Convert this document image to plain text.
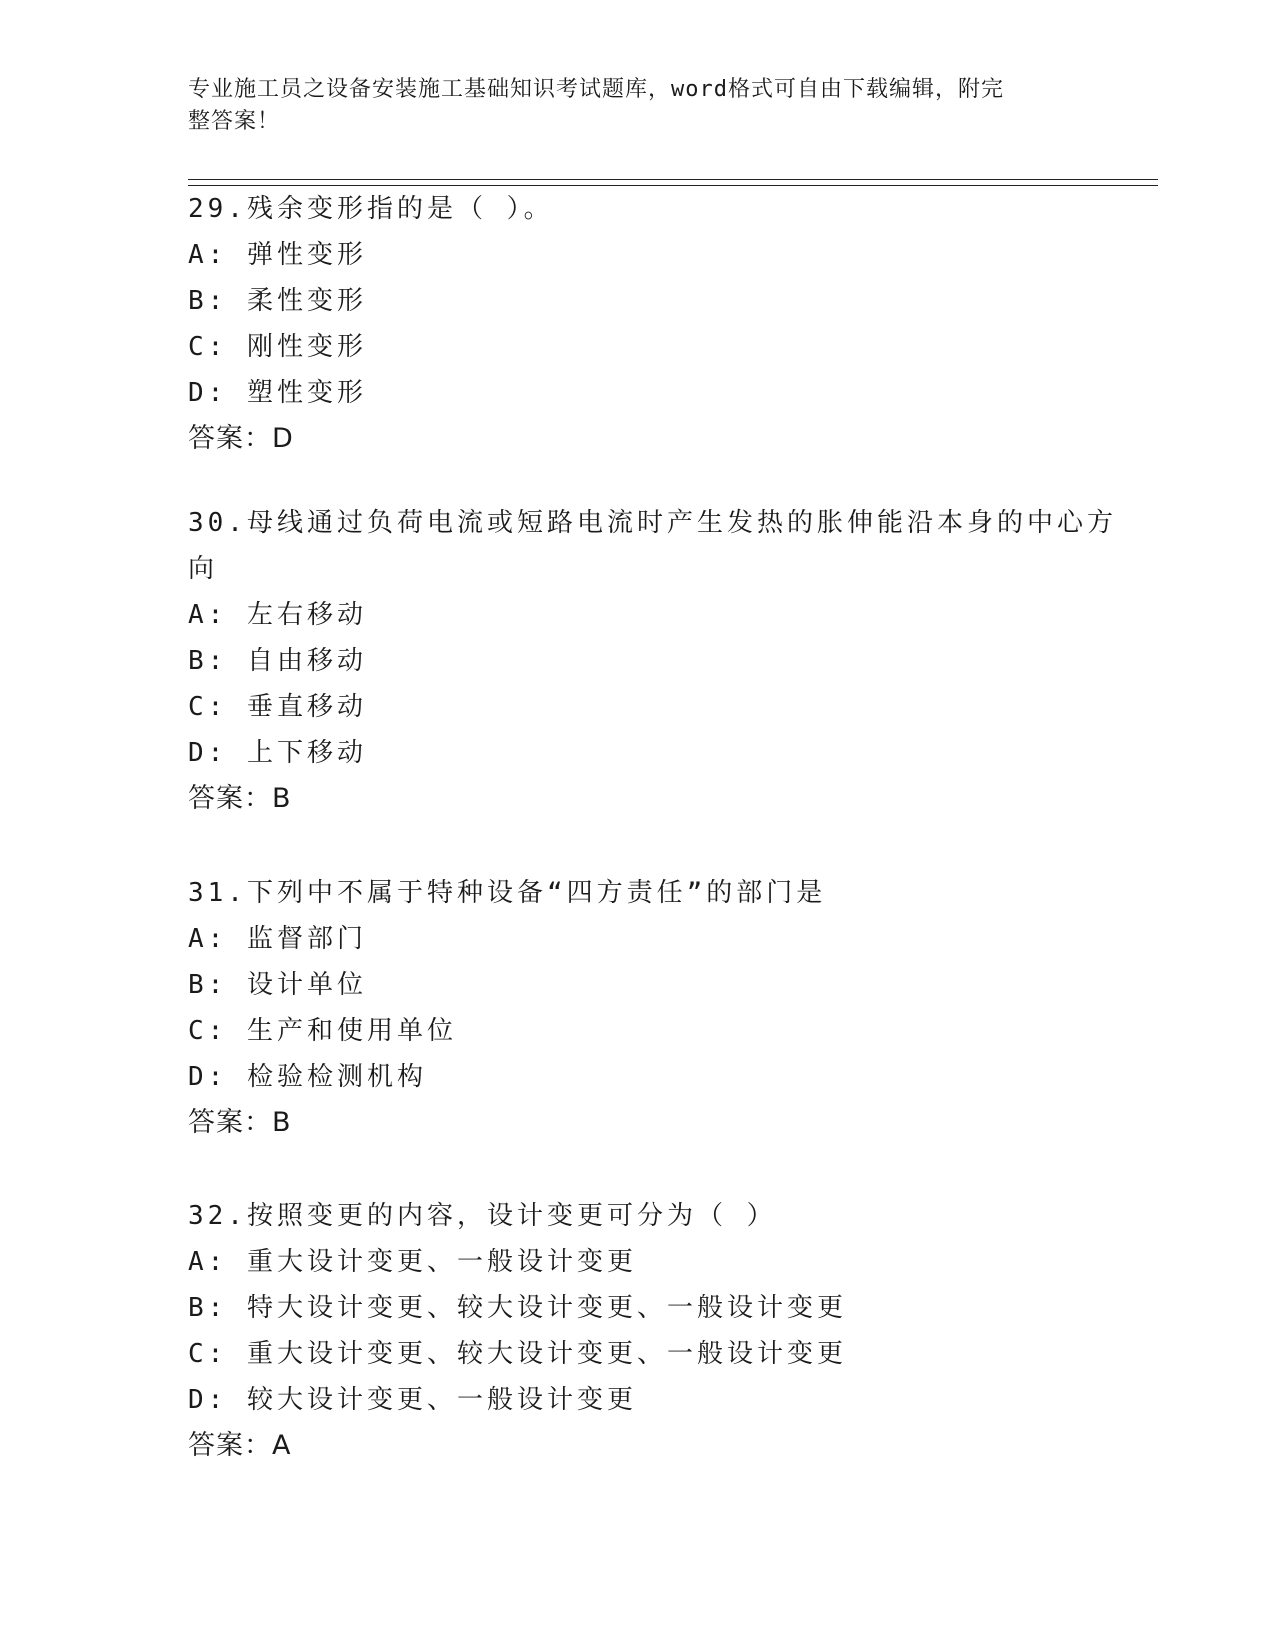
专业施工员之设备安装施工基础知识考试题库，word格式可自由下载编辑，附完
整答案！
29.残余变形指的是（ ）。
A: 弹性变形
B: 柔性变形
C: 刚性变形
D: 塑性变形
答案：D
30.母线通过负荷电流或短路电流时产生发热的胀伸能沿本身的中心方
向
A: 左右移动
B: 自由移动
C: 垂直移动
D: 上下移动
答案：B
31.下列中不属于特种设备“四方责任”的部门是
A: 监督部门
B: 设计单位
C: 生产和使用单位
D: 检验检测机构
答案：B
32.按照变更的内容，设计变更可分为（ ）
A: 重大设计变更、一般设计变更
B: 特大设计变更、较大设计变更、一般设计变更
C: 重大设计变更、较大设计变更、一般设计变更
D: 较大设计变更、一般设计变更
答案：A
